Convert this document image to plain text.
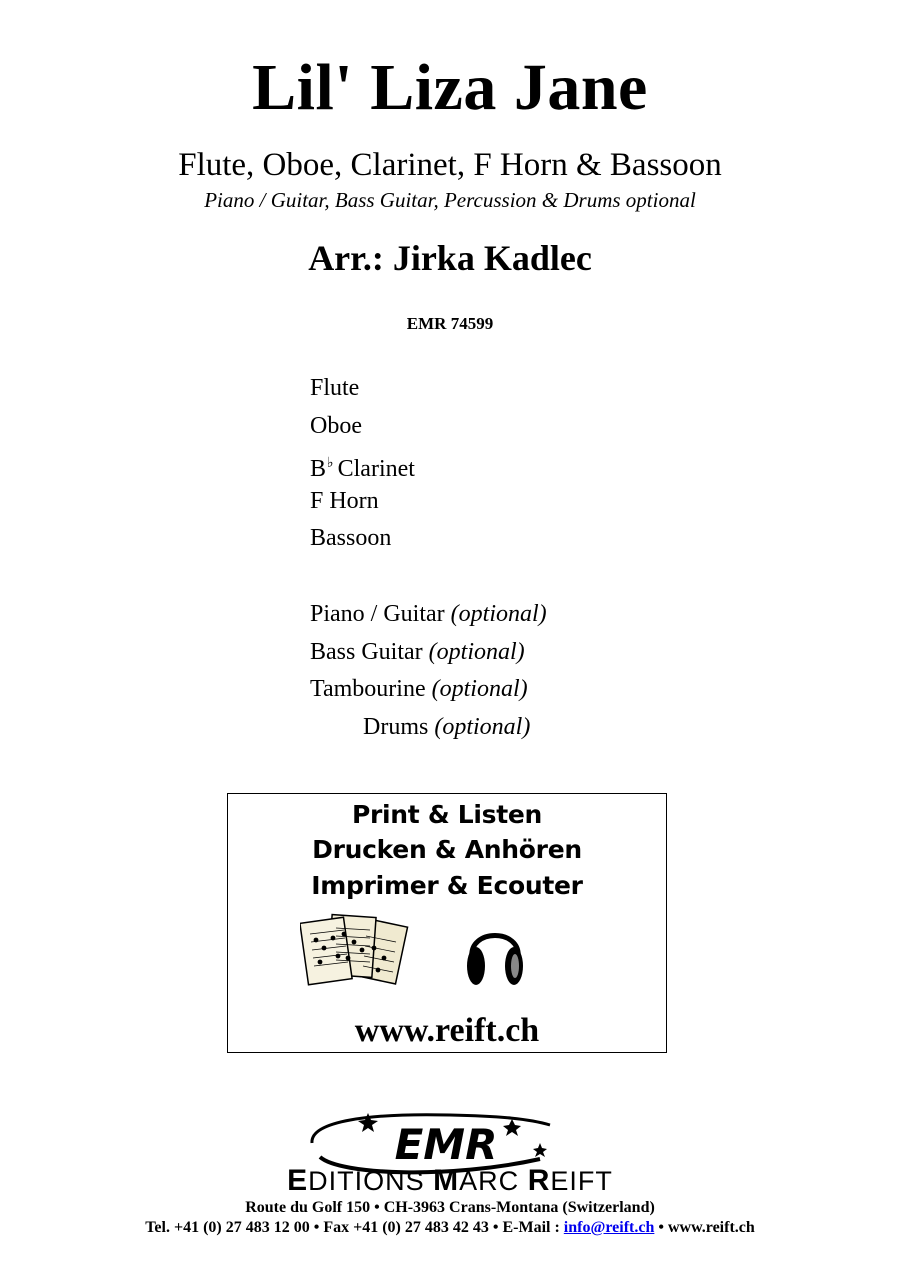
Lil' Liza Jane
Flute, Oboe, Clarinet, F Horn & Bassoon
Piano / Guitar, Bass Guitar, Percussion & Drums optional
Arr.: Jirka Kadlec
EMR 74599
Flute
Oboe
B♭ Clarinet
F Horn
Bassoon
Piano / Guitar (optional)
Bass Guitar (optional)
Tambourine (optional)
Drums (optional)
Print & Listen
Drucken & Anhören
Imprimer & Ecouter
www.reift.ch
EMR
EDITIONS MARC REIFT
Route du Golf 150 • CH-3963 Crans-Montana (Switzerland)
Tel. +41 (0) 27 483 12 00 • Fax +41 (0) 27 483 42 43 • E-Mail : info@reift.ch • www.reift.ch
